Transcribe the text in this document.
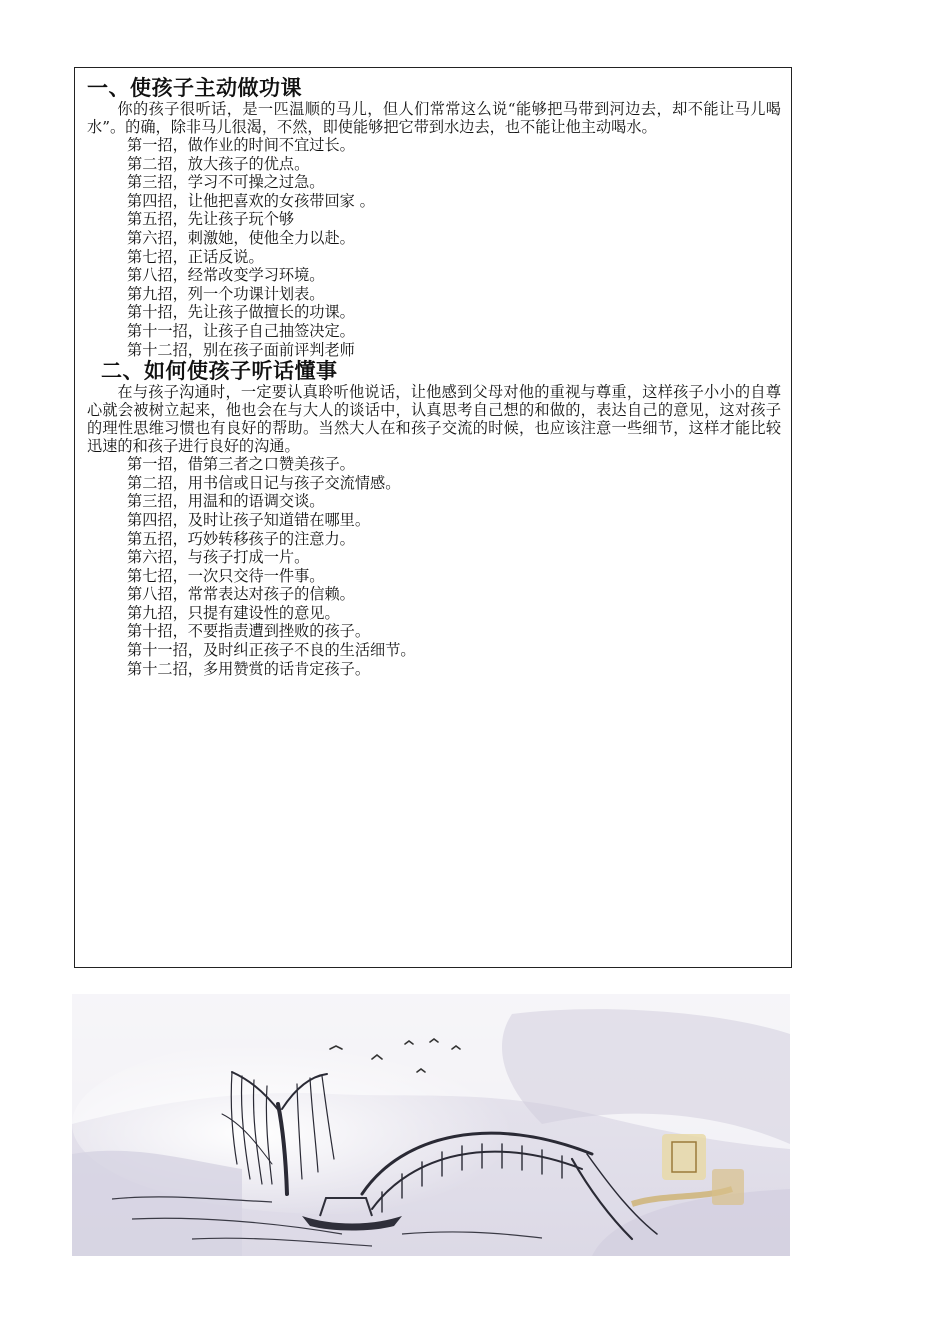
一、使孩子主动做功课

你的孩子很听话，是一匹温顺的马儿，但人们常常这么说“能够把马带到河边去，却不能让马儿喝水”。的确，除非马儿很渴，不然，即使能够把它带到水边去，也不能让他主动喝水。

第一招，做作业的时间不宜过长。
第二招，放大孩子的优点。
第三招，学习不可操之过急。
第四招，让他把喜欢的女孩带回家 。
第五招，先让孩子玩个够
第六招，刺激她，使他全力以赴。
第七招，正话反说。
第八招，经常改变学习环境。
第九招，列一个功课计划表。
第十招，先让孩子做擅长的功课。
第十一招，让孩子自己抽签决定。
第十二招，别在孩子面前评判老师
二、如何使孩子听话懂事

在与孩子沟通时，一定要认真聆听他说话，让他感到父母对他的重视与尊重，这样孩子小小的自尊心就会被树立起来，他也会在与大人的谈话中，认真思考自己想的和做的，表达自己的意见，这对孩子的理性思维习惯也有良好的帮助。当然大人在和孩子交流的时候，也应该注意一些细节，这样才能比较迅速的和孩子进行良好的沟通。

第一招，借第三者之口赞美孩子。
第二招，用书信或日记与孩子交流情感。
第三招，用温和的语调交谈。
第四招，及时让孩子知道错在哪里。
第五招，巧妙转移孩子的注意力。
第六招，与孩子打成一片。
第七招，一次只交待一件事。
第八招，常常表达对孩子的信赖。
第九招，只提有建设性的意见。
第十招，不要指责遭到挫败的孩子。
第十一招，及时纠正孩子不良的生活细节。
第十二招，多用赞赏的话肯定孩子。
